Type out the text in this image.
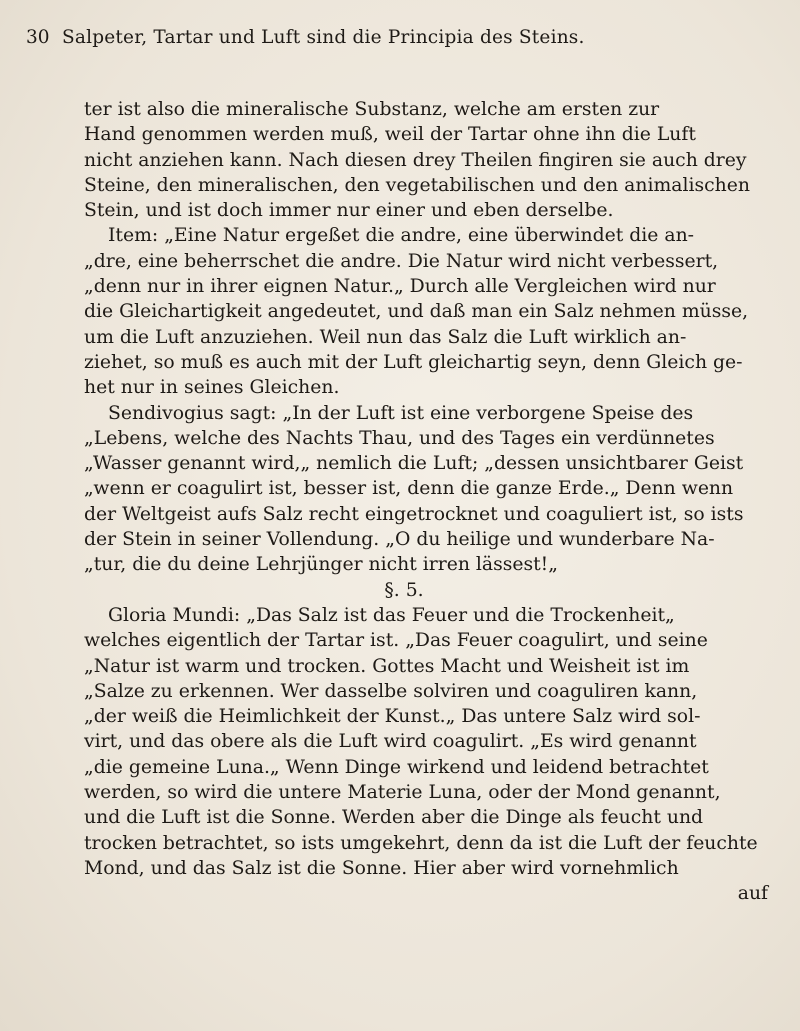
30 Salpeter, Tartar und Luft sind die Principia des Steins.
ter ist also die mineralische Substanz, welche am ersten zur
Hand genommen werden muß, weil der Tartar ohne ihn die Luft
nicht anziehen kann. Nach diesen drey Theilen fingiren sie auch drey
Steine, den mineralischen, den vegetabilischen und den animalischen
Stein, und ist doch immer nur einer und eben derselbe.
Item: „Eine Natur ergeßet die andre, eine überwindet die an-
„dre, eine beherrschet die andre. Die Natur wird nicht verbessert,
„denn nur in ihrer eignen Natur.„ Durch alle Vergleichen wird nur
die Gleichartigkeit angedeutet, und daß man ein Salz nehmen müsse,
um die Luft anzuziehen. Weil nun das Salz die Luft wirklich an-
ziehet, so muß es auch mit der Luft gleichartig seyn, denn Gleich ge-
het nur in seines Gleichen.
Sendivogius sagt: „In der Luft ist eine verborgene Speise des
„Lebens, welche des Nachts Thau, und des Tages ein verdünnetes
„Wasser genannt wird,„ nemlich die Luft; „dessen unsichtbarer Geist
„wenn er coagulirt ist, besser ist, denn die ganze Erde.„ Denn wenn
der Weltgeist aufs Salz recht eingetrocknet und coaguliert ist, so ists
der Stein in seiner Vollendung. „O du heilige und wunderbare Na-
„tur, die du deine Lehrjünger nicht irren lässest!„
§. 5.
Gloria Mundi: „Das Salz ist das Feuer und die Trockenheit„
welches eigentlich der Tartar ist. „Das Feuer coagulirt, und seine
„Natur ist warm und trocken. Gottes Macht und Weisheit ist im
„Salze zu erkennen. Wer dasselbe solviren und coaguliren kann,
„der weiß die Heimlichkeit der Kunst.„ Das untere Salz wird sol-
virt, und das obere als die Luft wird coagulirt. „Es wird genannt
„die gemeine Luna.„ Wenn Dinge wirkend und leidend betrachtet
werden, so wird die untere Materie Luna, oder der Mond genannt,
und die Luft ist die Sonne. Werden aber die Dinge als feucht und
trocken betrachtet, so ists umgekehrt, denn da ist die Luft der feuchte
Mond, und das Salz ist die Sonne. Hier aber wird vornehmlich
auf
